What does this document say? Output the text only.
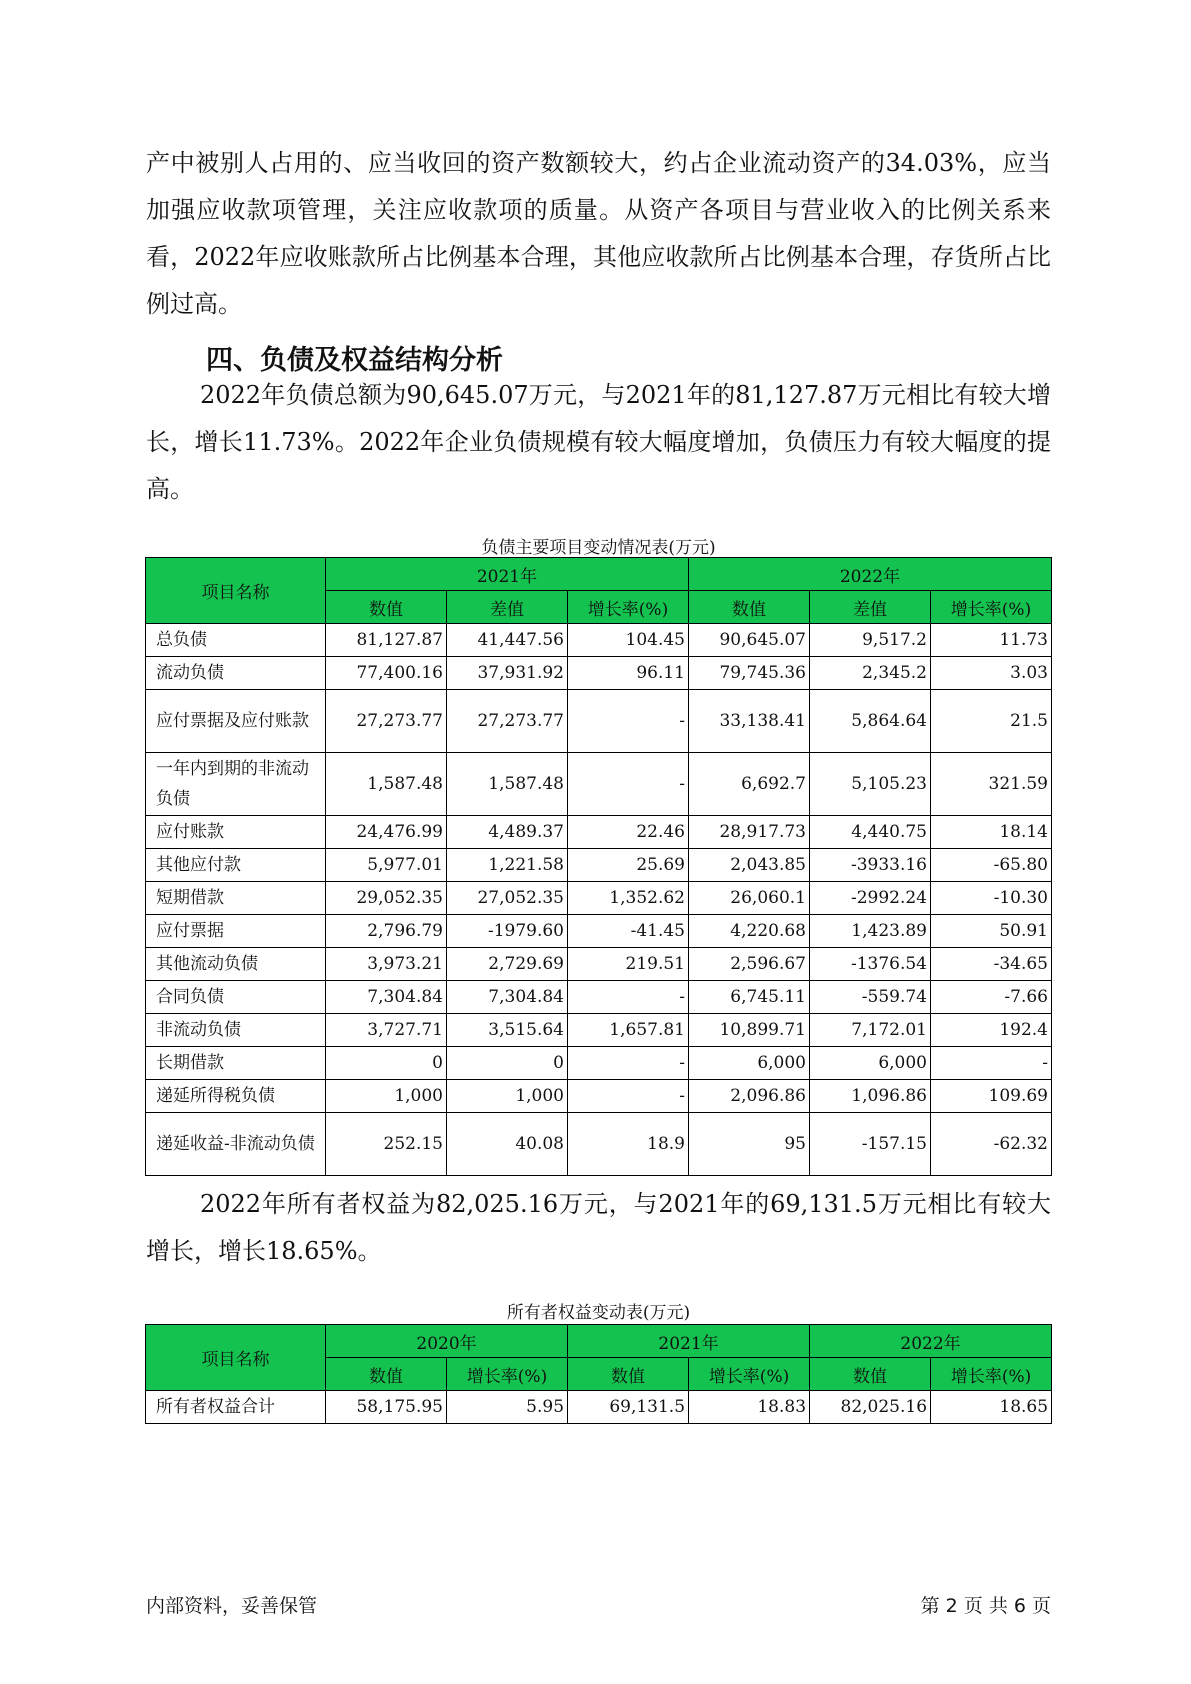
产中被别人占用的、应当收回的资产数额较大，约占企业流动资产的34.03%，应当加强应收款项管理，关注应收款项的质量。从资产各项目与营业收入的比例关系来看，2022年应收账款所占比例基本合理，其他应收款所占比例基本合理，存货所占比例过高。

四、负债及权益结构分析

2022年负债总额为90,645.07万元，与2021年的81,127.87万元相比有较大增长，增长11.73%。2022年企业负债规模有较大幅度增加，负债压力有较大幅度的提高。

负债主要项目变动情况表(万元)
项目名称	2021年			2022年		
	数值	差值	增长率(%)	数值	差值	增长率(%)
总负债	81,127.87	41,447.56	104.45	90,645.07	9,517.2	11.73
流动负债	77,400.16	37,931.92	96.11	79,745.36	2,345.2	3.03
应付票据及应付账款	27,273.77	27,273.77	-	33,138.41	5,864.64	21.5
一年内到期的非流动负债	1,587.48	1,587.48	-	6,692.7	5,105.23	321.59
应付账款	24,476.99	4,489.37	22.46	28,917.73	4,440.75	18.14
其他应付款	5,977.01	1,221.58	25.69	2,043.85	-3933.16	-65.80
短期借款	29,052.35	27,052.35	1,352.62	26,060.1	-2992.24	-10.30
应付票据	2,796.79	-1979.60	-41.45	4,220.68	1,423.89	50.91
其他流动负债	3,973.21	2,729.69	219.51	2,596.67	-1376.54	-34.65
合同负债	7,304.84	7,304.84	-	6,745.11	-559.74	-7.66
非流动负债	3,727.71	3,515.64	1,657.81	10,899.71	7,172.01	192.4
长期借款	0	0	-	6,000	6,000	-
递延所得税负债	1,000	1,000	-	2,096.86	1,096.86	109.69
递延收益-非流动负债	252.15	40.08	18.9	95	-157.15	-62.32

2022年所有者权益为82,025.16万元，与2021年的69,131.5万元相比有较大增长，增长18.65%。

所有者权益变动表(万元)
项目名称	2020年		2021年		2022年	
	数值	增长率(%)	数值	增长率(%)	数值	增长率(%)
所有者权益合计	58,175.95	5.95	69,131.5	18.83	82,025.16	18.65
内部资料，妥善保管	第 2 页 共 6 页
